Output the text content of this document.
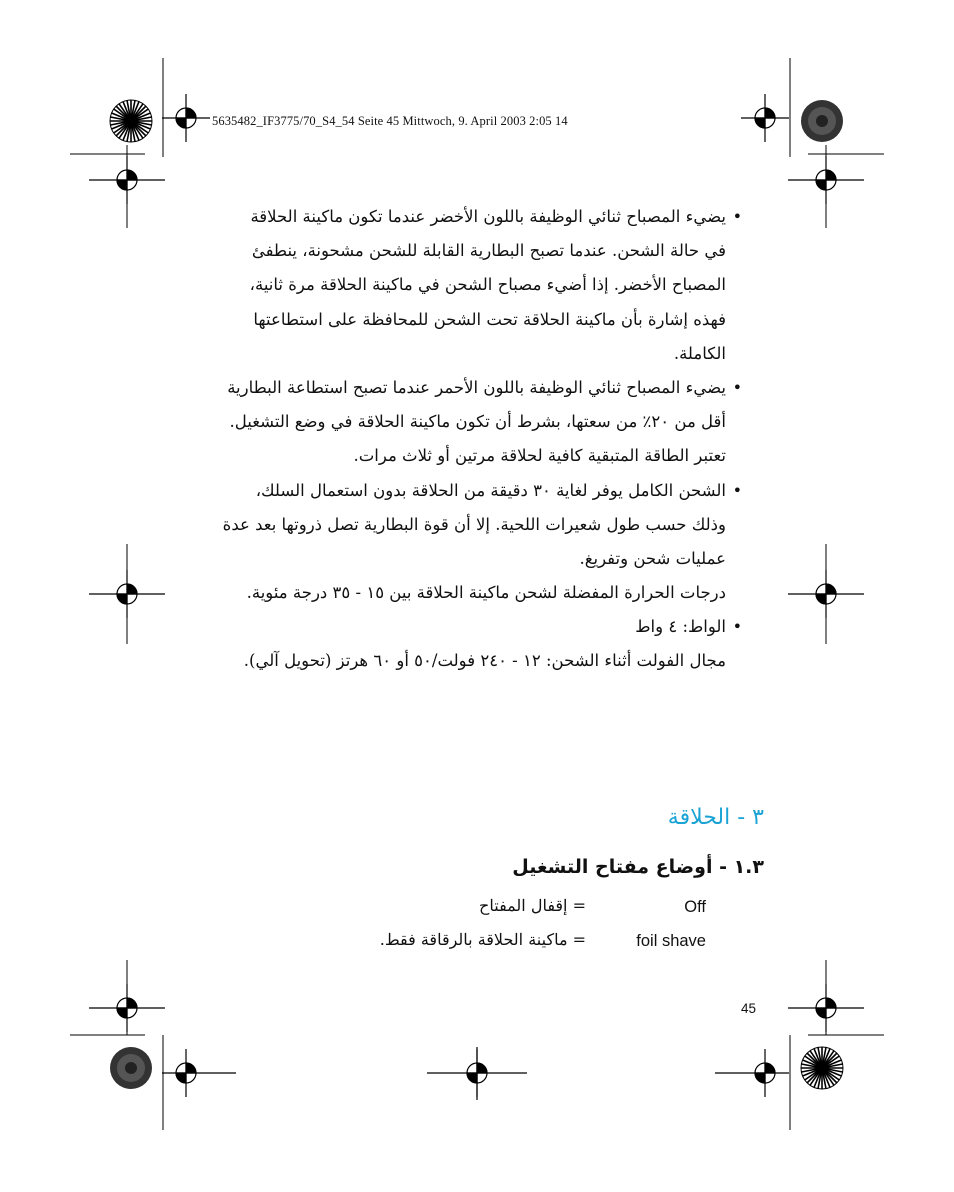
5635482_IF3775/70_S4_54 Seite 45 Mittwoch, 9. April 2003 2:05 14
•
يضيء المصباح ثنائي الوظيفة باللون الأخضر عندما تكون ماكينة الحلاقة
في حالة الشحن. عندما تصبح البطارية القابلة للشحن مشحونة، ينطفئ
المصباح الأخضر. إذا أضيء مصباح الشحن في ماكينة الحلاقة مرة ثانية،
فهذه إشارة بأن ماكينة الحلاقة تحت الشحن للمحافظة على استطاعتها
الكاملة.
•
يضيء المصباح ثنائي الوظيفة باللون الأحمر عندما تصبح استطاعة البطارية
أقل من ٢٠٪ من سعتها، بشرط أن تكون ماكينة الحلاقة في وضع التشغيل.
تعتبر الطاقة المتبقية كافية لحلاقة مرتين أو ثلاث مرات.
•
الشحن الكامل يوفر لغاية ٣٠ دقيقة من الحلاقة بدون استعمال السلك،
وذلك حسب طول شعيرات اللحية. إلا أن قوة البطارية تصل ذروتها بعد عدة
عمليات شحن وتفريغ.
درجات الحرارة المفضلة لشحن ماكينة الحلاقة بين ١٥ - ٣٥ درجة مئوية.
•
الواط: ٤ واط
مجال الفولت أثناء الشحن: ١٢ - ٢٤٠ فولت/٥٠ أو ٦٠ هرتز (تحويل آلي).
٣ - الحلاقة
١.٣ - أوضاع مفتاح التشغيل
Off
= إقفال المفتاح
foil shave
= ماكينة الحلاقة بالرقاقة فقط.
45
